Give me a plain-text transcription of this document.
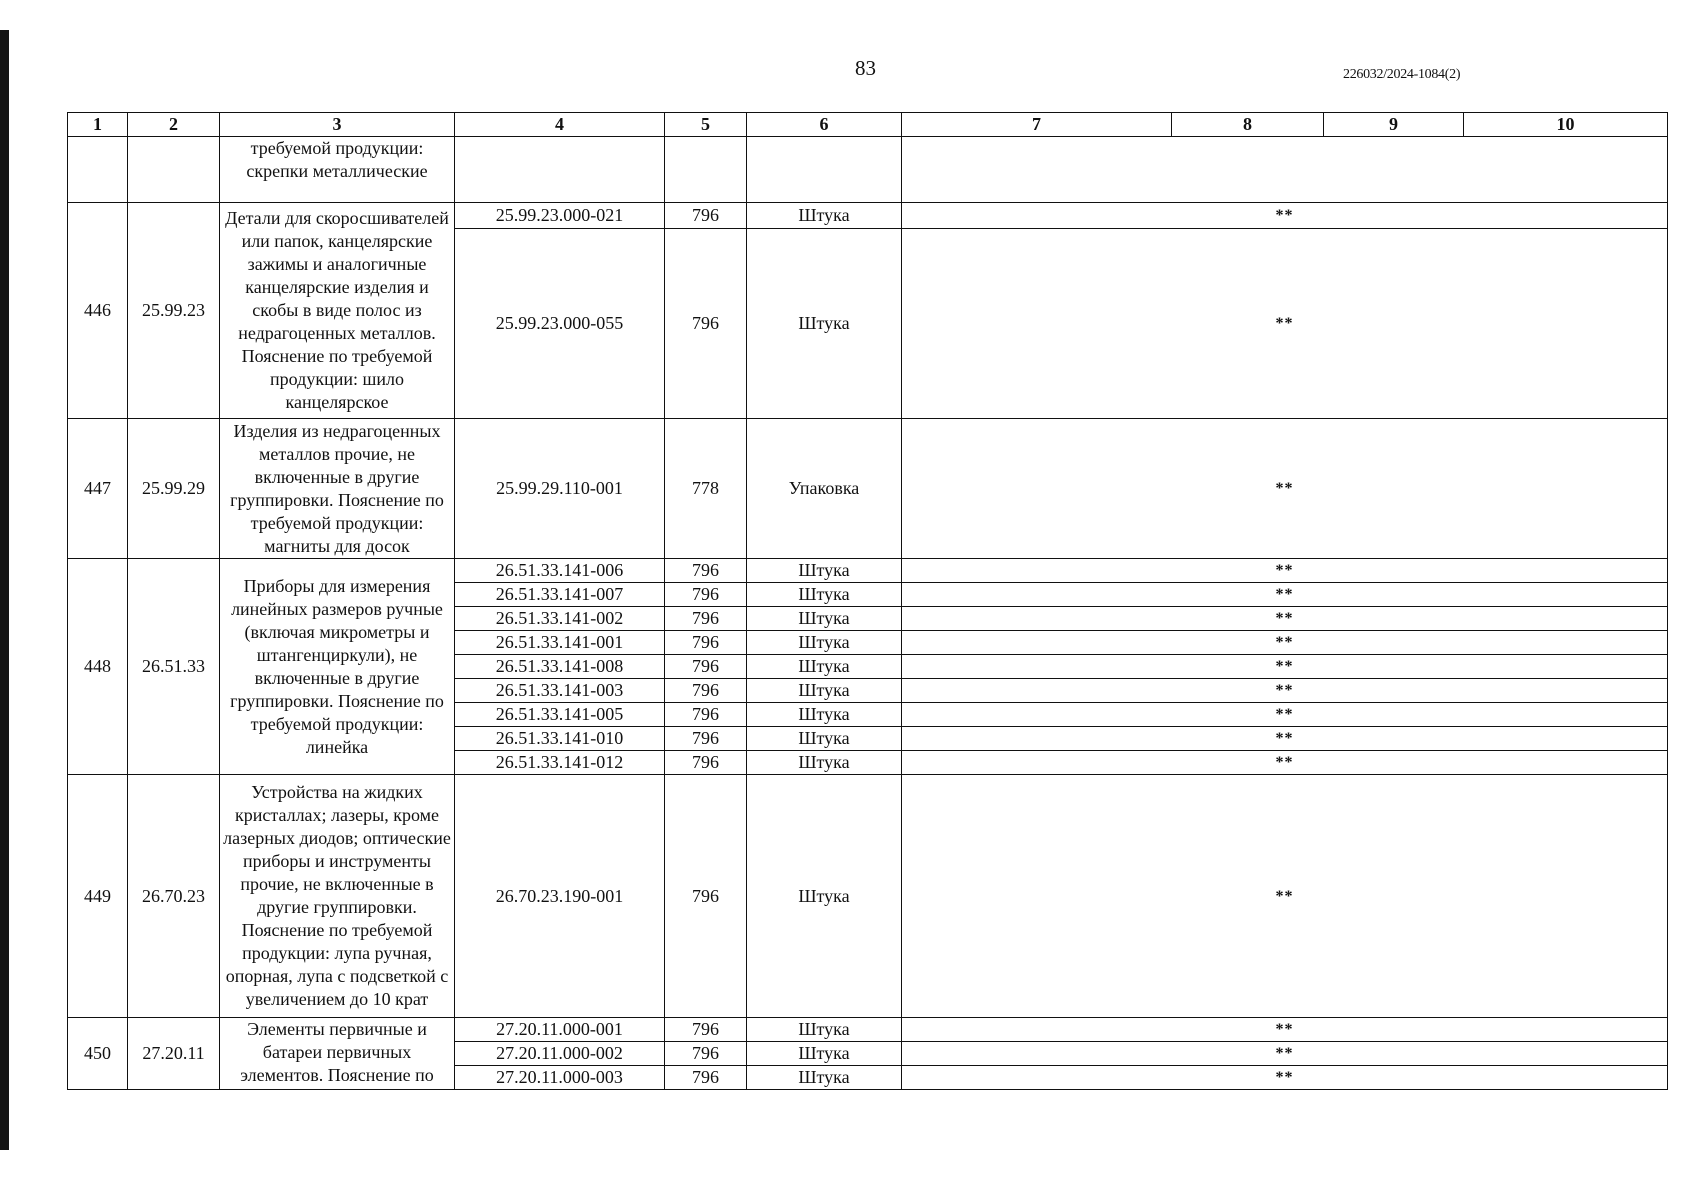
83	226032/2024-1084(2)
1	2	3	4	5	6	7	8	9	10
		требуемой продукции: скрепки металлические							
446	25.99.23	Детали для скоросшивателей или папок, канцелярские зажимы и аналогичные канцелярские изделия и скобы в виде полос из недрагоценных металлов. Пояснение по требуемой продукции: шило канцелярское	25.99.23.000-021	796	Штука	**			
			25.99.23.000-055	796	Штука	**			
447	25.99.29	Изделия из недрагоценных металлов прочие, не включенные в другие группировки. Пояснение по требуемой продукции: магниты для досок	25.99.29.110-001	778	Упаковка	**			
448	26.51.33	Приборы для измерения линейных размеров ручные (включая микрометры и штангенциркули), не включенные в другие группировки. Пояснение по требуемой продукции: линейка	26.51.33.141-006	796	Штука	**			
			26.51.33.141-007	796	Штука	**			
			26.51.33.141-002	796	Штука	**			
			26.51.33.141-001	796	Штука	**			
			26.51.33.141-008	796	Штука	**			
			26.51.33.141-003	796	Штука	**			
			26.51.33.141-005	796	Штука	**			
			26.51.33.141-010	796	Штука	**			
			26.51.33.141-012	796	Штука	**			
449	26.70.23	Устройства на жидких кристаллах; лазеры, кроме лазерных диодов; оптические приборы и инструменты прочие, не включенные в другие группировки. Пояснение по требуемой продукции: лупа ручная, опорная, лупа с подсветкой с увеличением до 10 крат	26.70.23.190-001	796	Штука	**			
450	27.20.11	Элементы первичные и батареи первичных элементов. Пояснение по	27.20.11.000-001	796	Штука	**			
			27.20.11.000-002	796	Штука	**			
			27.20.11.000-003	796	Штука	**			
